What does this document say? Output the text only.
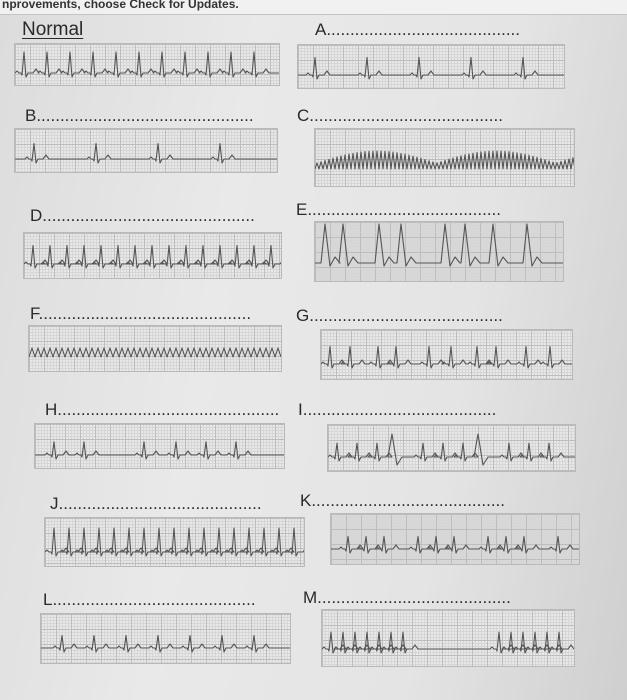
nprovements, choose Check for Updates.
Normal	A.........................................
B..............................................	C.........................................
D.............................................	E.........................................
F.............................................	G.........................................
H...............................................	I.........................................
J...........................................	K.........................................
L...........................................	M.........................................
